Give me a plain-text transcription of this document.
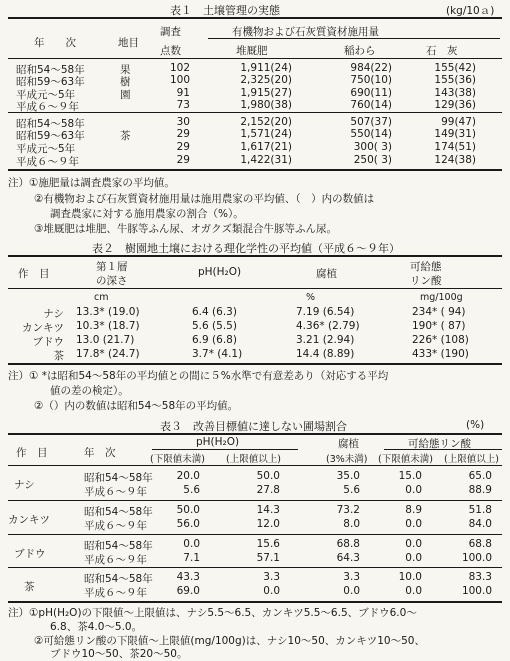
表１　土壌管理の実態	(kg/10ａ)
年　　次	地目
調査
点数
有機物および石灰質資材施用量
堆厩肥	稲わら	石　灰
果
樹
園
昭和54～58年	102	1,911(24)	984(22)	155(42)
昭和59～63年	100	2,325(20)	750(10)	155(36)
平成元～5年	91	1,915(27)	690(11)	143(38)
平成６～９年	73	1,980(38)	760(14)	129(36)
茶
昭和54～58年	30	2,152(20)	507(37)	99(47)
昭和59～63年	29	1,571(24)	550(14)	149(31)
平成元～5年	29	1,617(21)	300( 3)	174(51)
平成６～９年	29	1,422(31)	250( 3)	124(38)
注）①施肥量は調査農家の平均値。
②有機物および石灰質資材施用量は施用農家の平均値、（　）内の数値は
調査農家に対する施用農家の割合（%）。
③堆厩肥は堆肥、牛豚等ふん尿、オガクズ類混合牛豚等ふん尿。
表２　樹園地土壌における理化学性の平均値（平成６～９年）
作　目
第１層
の深さ
pH(H₂O)	腐植
可給態
リン酸
cm	%	mg/100g
ナシ 13.3* (19.0)	6.4 (6.3)	7.19 (6.54)	234* ( 94)
カンキツ 10.3* (18.7)	5.6 (5.5)	4.36* (2.79)	190* ( 87)
ブドウ 13.0 (21.7)	6.9 (6.8)	3.21 (2.94)	226* (108)
茶 17.8* (24.7)	3.7* (4.1)	14.4 (8.89)	433* (190)
注）① *は昭和54～58年の平均値との間に５%水準で有意差あり（対応する平均
値の差の検定）。
②（）内の数値は昭和54～58年の平均値。
表３　改善目標値に達しない圃場割合	(%)
作　目	年　次
pH(H₂O)	腐植	可給態リン酸
(下限値未満) (上限値以上)	(3%未満) (下限値未満) (上限値以上)
ナシ
昭和54～58年	20.0	50.0	35.0	15.0	65.0
平成６～９年	5.6	27.8	5.6	0.0	88.9
カンキツ
昭和54～58年	50.0	14.3	73.2	8.9	51.8
平成６～９年	56.0	12.0	8.0	0.0	84.0
ブドウ
昭和54～58年	0.0	15.6	68.8	0.0	68.8
平成６～９年	7.1	57.1	64.3	0.0	100.0
茶
昭和54～58年	43.3	3.3	3.3	10.0	83.3
平成６～９年	69.0	0.0	0.0	0.0	100.0
注）①pH(H₂O)の下限値～上限値は、ナシ5.5～6.5、カンキツ5.5～6.5、ブドウ6.0～
6.8、茶4.0～5.0。
②可給態リン酸の下限値～上限値(mg/100g)は、ナシ10～50、カンキツ10～50、
ブドウ10～50、茶20～50。
